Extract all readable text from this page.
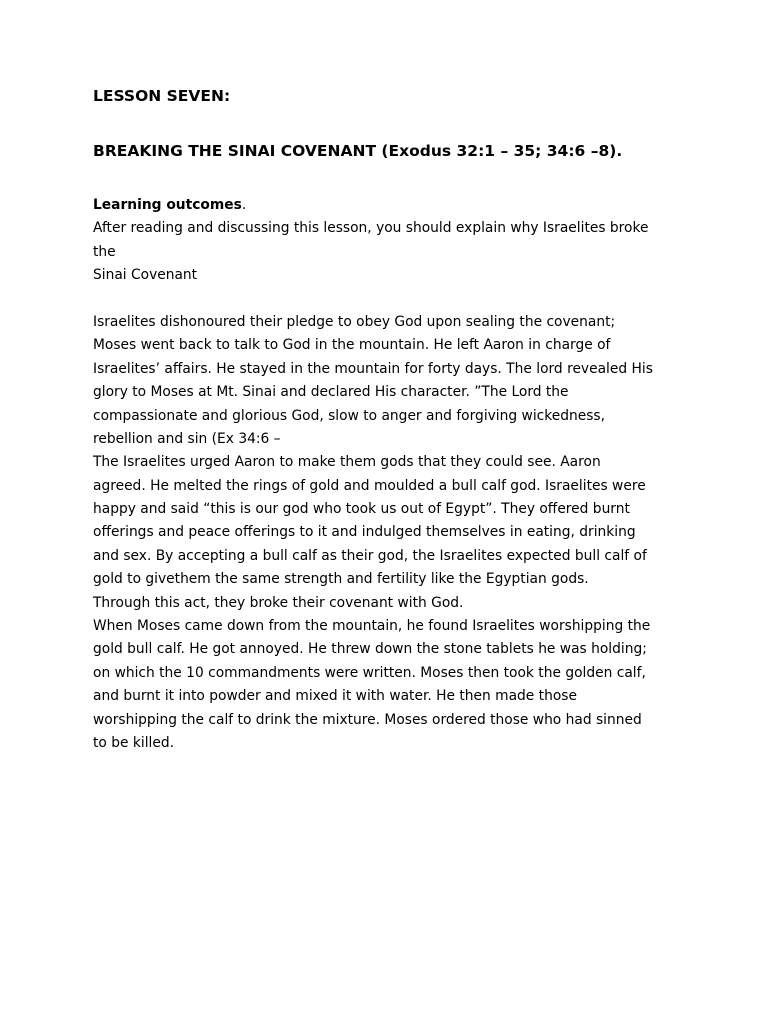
LESSON SEVEN:
BREAKING THE SINAI COVENANT (Exodus 32:1 – 35; 34:6 –8).
Learning outcomes.
After reading and discussing this lesson, you should explain why Israelites broke
the
Sinai Covenant
Israelites dishonoured their pledge to obey God upon sealing the covenant;
Moses went back to talk to God in the mountain. He left Aaron in charge of
Israelites’ affairs. He stayed in the mountain for forty days. The lord revealed His
glory to Moses at Mt. Sinai and declared His character. ”The Lord the
compassionate and glorious God, slow to anger and forgiving wickedness,
rebellion and sin (Ex 34:6 –
The Israelites urged Aaron to make them gods that they could see. Aaron
agreed. He melted the rings of gold and moulded a bull calf god. Israelites were
happy and said “this is our god who took us out of Egypt”. They offered burnt
offerings and peace offerings to it and indulged themselves in eating, drinking
and sex. By accepting a bull calf as their god, the Israelites expected bull calf of
gold to givethem the same strength and fertility like the Egyptian gods.
Through this act, they broke their covenant with God.
When Moses came down from the mountain, he found Israelites worshipping the
gold bull calf. He got annoyed. He threw down the stone tablets he was holding;
on which the 10 commandments were written. Moses then took the golden calf,
and burnt it into powder and mixed it with water. He then made those
worshipping the calf to drink the mixture. Moses ordered those who had sinned
to be killed.
